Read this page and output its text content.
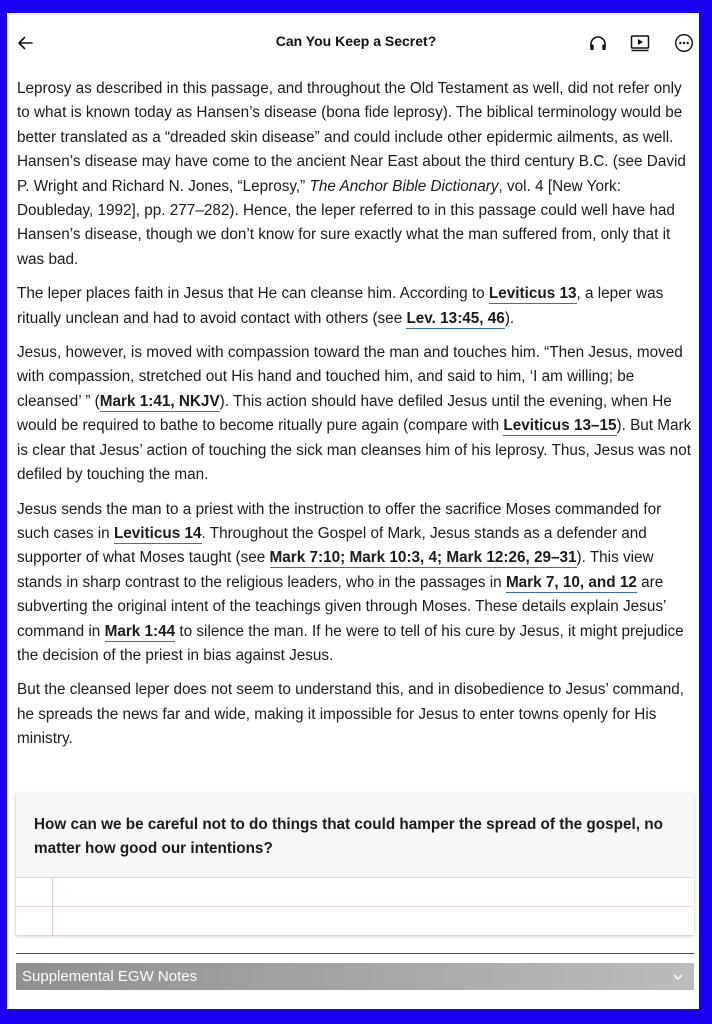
Can You Keep a Secret?

Leprosy as described in this passage, and throughout the Old Testament as well, did not refer only to what is known today as Hansen’s disease (bona fide leprosy). The biblical terminology would be better translated as a “dreaded skin disease” and could include other epidermic ailments, as well. Hansen’s disease may have come to the ancient Near East about the third century B.C. (see David P. Wright and Richard N. Jones, “Leprosy,” The Anchor Bible Dictionary, vol. 4 [New York: Doubleday, 1992], pp. 277–282). Hence, the leper referred to in this passage could well have had Hansen’s disease, though we don’t know for sure exactly what the man suffered from, only that it was bad.

The leper places faith in Jesus that He can cleanse him. According to Leviticus 13, a leper was ritually unclean and had to avoid contact with others (see Lev. 13:45, 46).

Jesus, however, is moved with compassion toward the man and touches him. “Then Jesus, moved with compassion, stretched out His hand and touched him, and said to him, ‘I am willing; be cleansed’ ” (Mark 1:41, NKJV). This action should have defiled Jesus until the evening, when He would be required to bathe to become ritually pure again (compare with Leviticus 13–15). But Mark is clear that Jesus’ action of touching the sick man cleanses him of his leprosy. Thus, Jesus was not defiled by touching the man.

Jesus sends the man to a priest with the instruction to offer the sacrifice Moses commanded for such cases in Leviticus 14. Throughout the Gospel of Mark, Jesus stands as a defender and supporter of what Moses taught (see Mark 7:10; Mark 10:3, 4; Mark 12:26, 29–31). This view stands in sharp contrast to the religious leaders, who in the passages in Mark 7, 10, and 12 are subverting the original intent of the teachings given through Moses. These details explain Jesus’ command in Mark 1:44 to silence the man. If he were to tell of his cure by Jesus, it might prejudice the decision of the priest in bias against Jesus.

But the cleansed leper does not seem to understand this, and in disobedience to Jesus’ command, he spreads the news far and wide, making it impossible for Jesus to enter towns openly for His ministry.

How can we be careful not to do things that could hamper the spread of the gospel, no matter how good our intentions?
Supplemental EGW Notes
